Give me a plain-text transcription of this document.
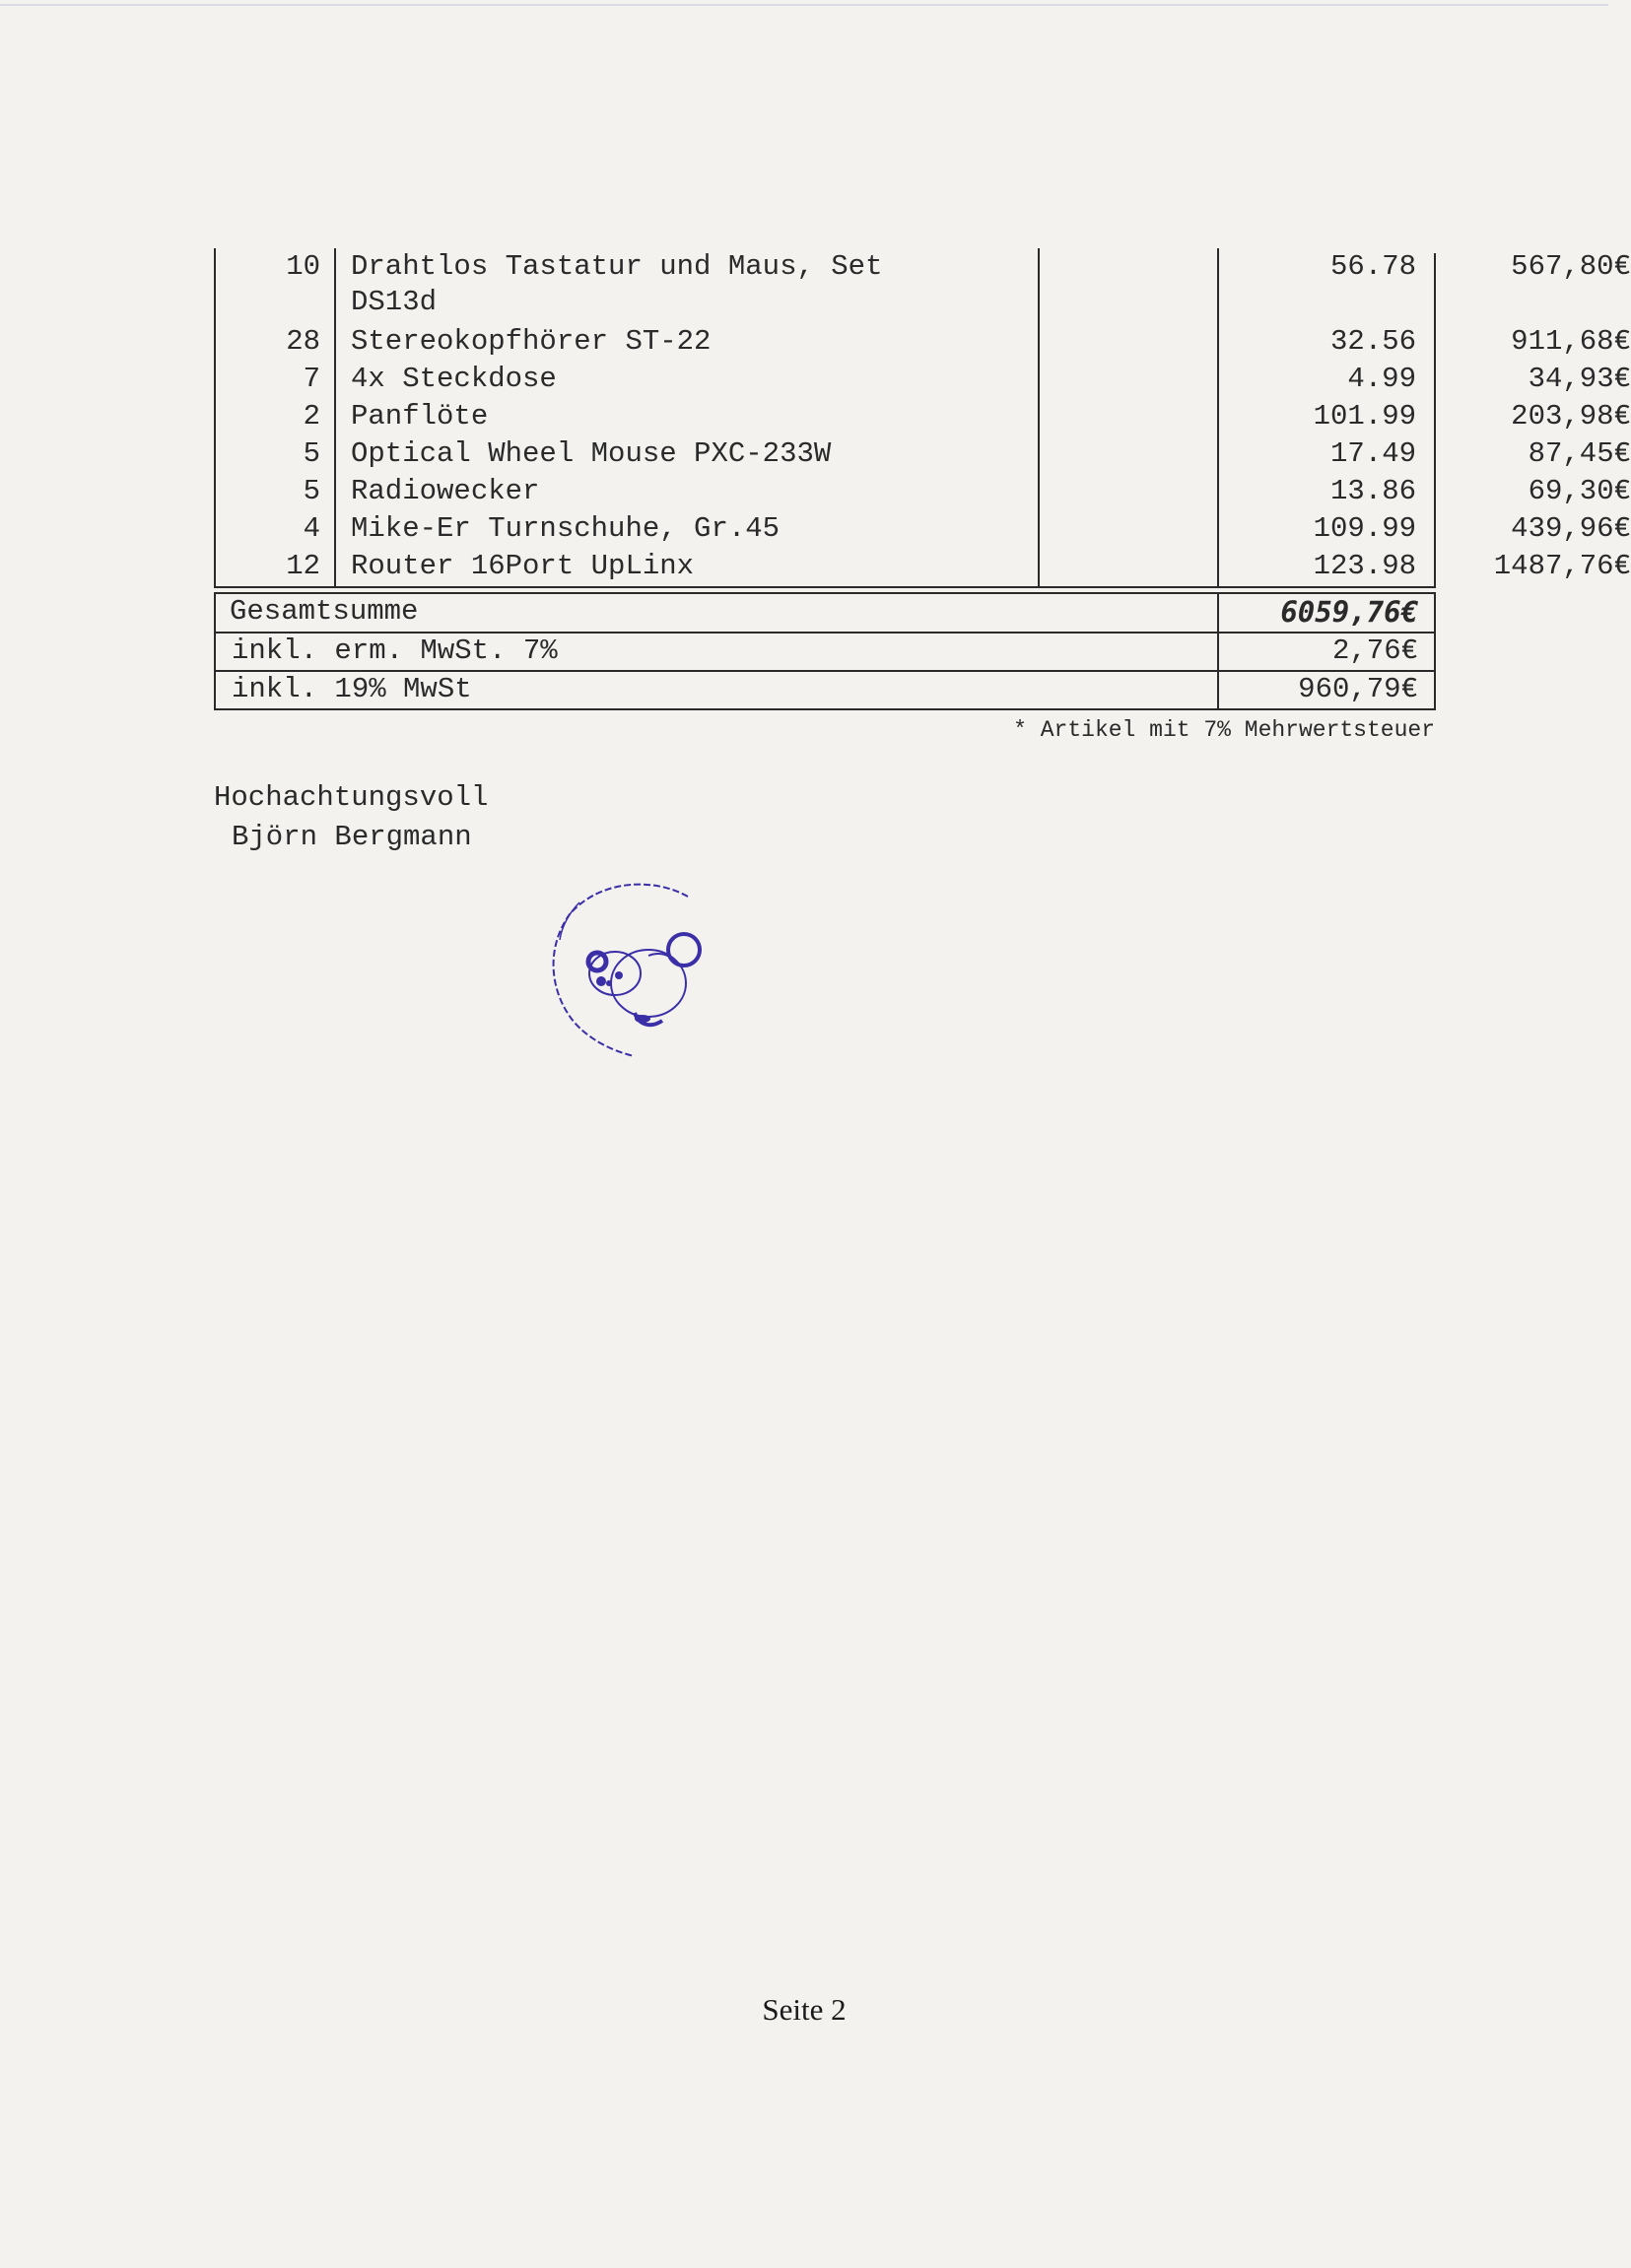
10 Drahtlos Tastatur und Maus, Set
DS13d
56.78	567,80€
28 Stereokopfhörer ST-22	32.56	911,68€
7 4x Steckdose	4.99	34,93€
2 Panflöte	101.99	203,98€
5 Optical Wheel Mouse PXC-233W	17.49	87,45€
5 Radiowecker	13.86	69,30€
4 Mike-Er Turnschuhe, Gr.45	109.99	439,96€
12 Router 16Port UpLinx	123.98	1487,76€
Gesamtsumme	6059,76€
inkl. erm. MwSt. 7%	2,76€
inkl. 19% MwSt	960,79€
* Artikel mit 7% Mehrwertsteuer
Hochachtungsvoll
Björn Bergmann
Seite 2
